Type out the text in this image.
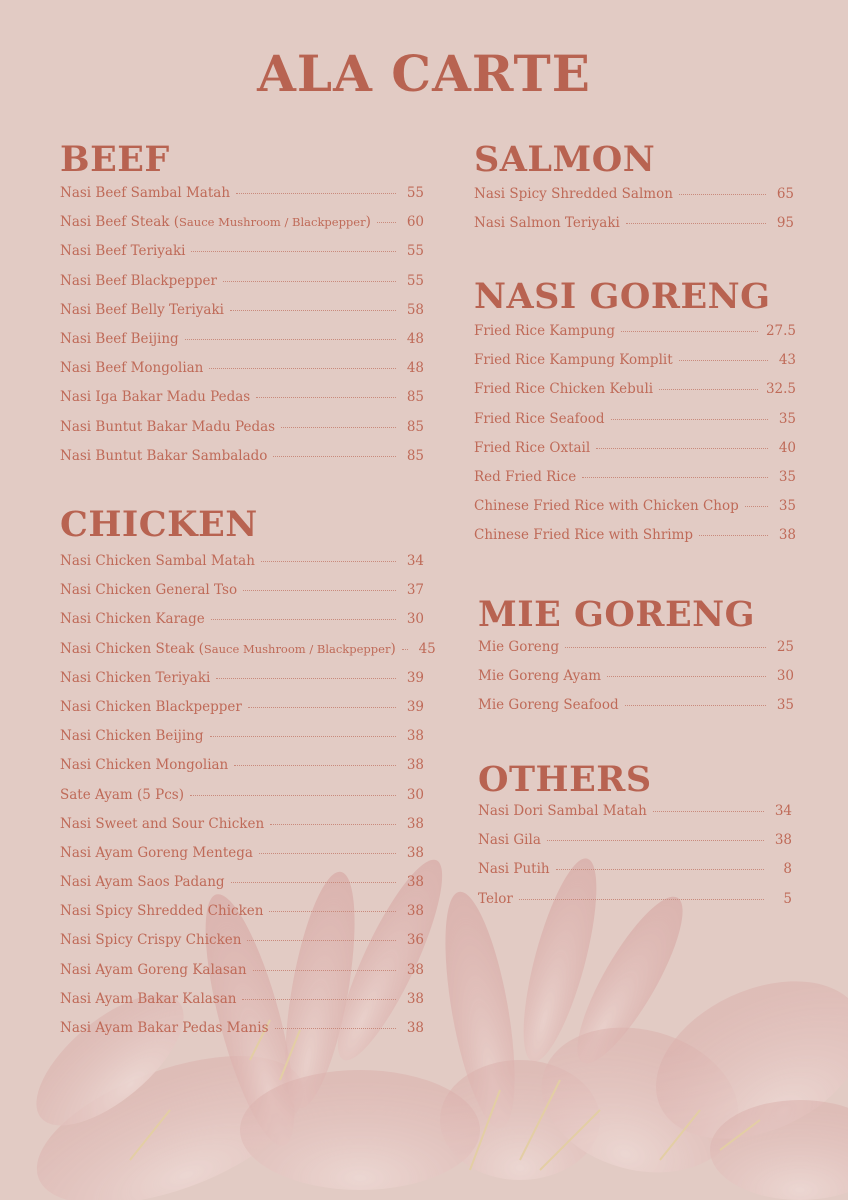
ALA CARTE
BEEF
Nasi Beef Sambal Matah	55
Nasi Beef Steak (Sauce Mushroom / Blackpepper)	60
Nasi Beef Teriyaki	55
Nasi Beef Blackpepper	55
Nasi Beef Belly Teriyaki	58
Nasi Beef Beijing	48
Nasi Beef Mongolian	48
Nasi Iga Bakar Madu Pedas	85
Nasi Buntut Bakar Madu Pedas	85
Nasi Buntut Bakar Sambalado	85
CHICKEN
Nasi Chicken Sambal Matah	34
Nasi Chicken General Tso	37
Nasi Chicken Karage	30
Nasi Chicken Steak (Sauce Mushroom / Blackpepper) 45
Nasi Chicken Teriyaki	39
Nasi Chicken Blackpepper	39
Nasi Chicken Beijing	38
Nasi Chicken Mongolian	38
Sate Ayam (5 Pcs)	30
Nasi Sweet and Sour Chicken	38
Nasi Ayam Goreng Mentega	38
Nasi Ayam Saos Padang	38
Nasi Spicy Shredded Chicken	38
Nasi Spicy Crispy Chicken	36
Nasi Ayam Goreng Kalasan	38
Nasi Ayam Bakar Kalasan	38
Nasi Ayam Bakar Pedas Manis	38
SALMON
Nasi Spicy Shredded Salmon	65
Nasi Salmon Teriyaki	95
NASI GORENG
Fried Rice Kampung	27.5
Fried Rice Kampung Komplit	43
Fried Rice Chicken Kebuli	32.5
Fried Rice Seafood	35
Fried Rice Oxtail	40
Red Fried Rice	35
Chinese Fried Rice with Chicken Chop	35
Chinese Fried Rice with Shrimp	38
MIE GORENG
Mie Goreng	25
Mie Goreng Ayam	30
Mie Goreng Seafood	35
OTHERS
Nasi Dori Sambal Matah	34
Nasi Gila	38
Nasi Putih	8
Telor	5
